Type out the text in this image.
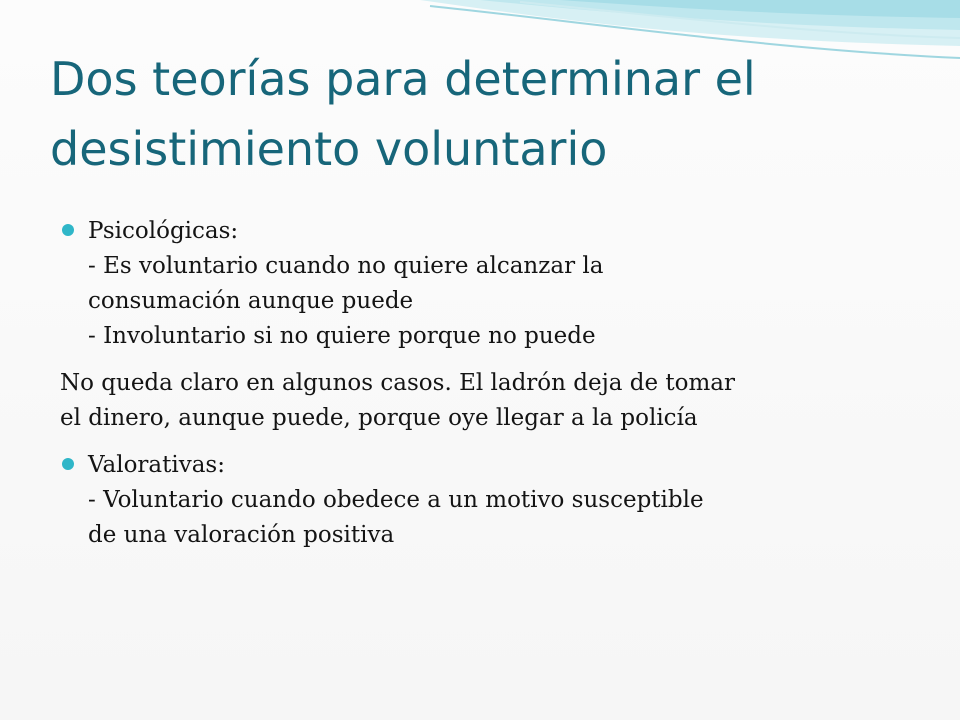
Dos teorías para determinar el
desistimiento voluntario
Psicológicas:
- Es voluntario cuando no quiere alcanzar la
consumación aunque puede
- Involuntario si no quiere porque no puede
No queda claro en algunos casos. El ladrón deja de tomar
el dinero, aunque puede, porque oye llegar a la policía
Valorativas:
- Voluntario cuando obedece a un motivo susceptible
de una valoración positiva
